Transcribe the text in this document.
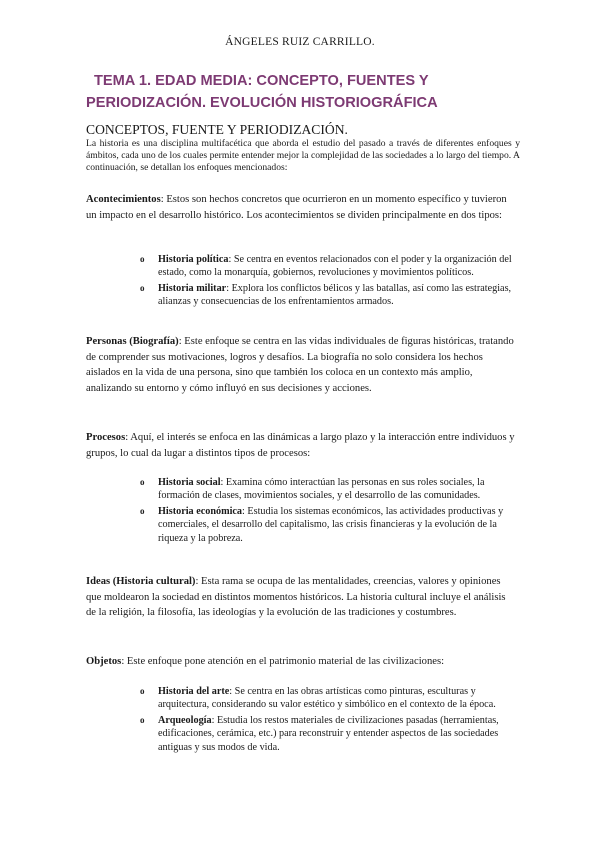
ÁNGELES RUIZ CARRILLO.
TEMA 1. EDAD MEDIA: CONCEPTO, FUENTES Y
PERIODIZACIÓN. EVOLUCIÓN HISTORIOGRÁFICA
CONCEPTOS, FUENTE Y PERIODIZACIÓN.
La historia es una disciplina multifacética que aborda el estudio del pasado a través de diferentes enfoques y ámbitos, cada uno de los cuales permite entender mejor la complejidad de las sociedades a lo largo del tiempo. A continuación, se detallan los enfoques mencionados:
Acontecimientos: Estos son hechos concretos que ocurrieron en un momento específico y tuvieron un impacto en el desarrollo histórico. Los acontecimientos se dividen principalmente en dos tipos:
o Historia política: Se centra en eventos relacionados con el poder y la organización del estado, como la monarquía, gobiernos, revoluciones y movimientos políticos.
o Historia militar: Explora los conflictos bélicos y las batallas, así como las estrategias, alianzas y consecuencias de los enfrentamientos armados.
Personas (Biografía): Este enfoque se centra en las vidas individuales de figuras históricas, tratando de comprender sus motivaciones, logros y desafíos. La biografía no solo considera los hechos aislados en la vida de una persona, sino que también los coloca en un contexto más amplio, analizando su entorno y cómo influyó en sus decisiones y acciones.
Procesos: Aquí, el interés se enfoca en las dinámicas a largo plazo y la interacción entre individuos y grupos, lo cual da lugar a distintos tipos de procesos:
o Historia social: Examina cómo interactúan las personas en sus roles sociales, la formación de clases, movimientos sociales, y el desarrollo de las comunidades.
o Historia económica: Estudia los sistemas económicos, las actividades productivas y comerciales, el desarrollo del capitalismo, las crisis financieras y la evolución de la riqueza y la pobreza.
Ideas (Historia cultural): Esta rama se ocupa de las mentalidades, creencias, valores y opiniones que moldearon la sociedad en distintos momentos históricos. La historia cultural incluye el análisis de la religión, la filosofía, las ideologías y la evolución de las tradiciones y costumbres.
Objetos: Este enfoque pone atención en el patrimonio material de las civilizaciones:
o Historia del arte: Se centra en las obras artísticas como pinturas, esculturas y arquitectura, considerando su valor estético y simbólico en el contexto de la época.
o Arqueología: Estudia los restos materiales de civilizaciones pasadas (herramientas, edificaciones, cerámica, etc.) para reconstruir y entender aspectos de las sociedades antiguas y sus modos de vida.
